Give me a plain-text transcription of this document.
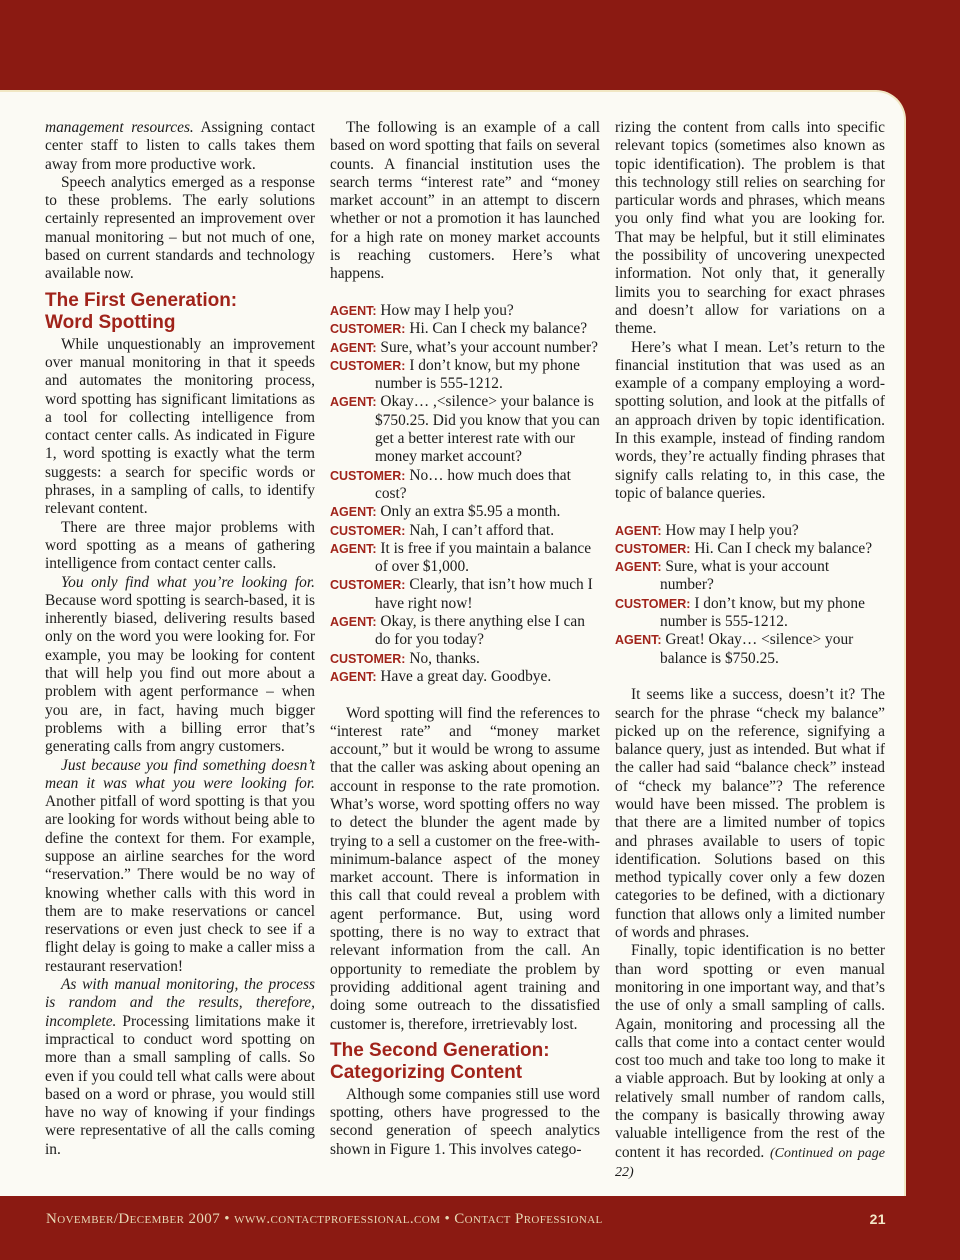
management resources. Assigning contact center staff to listen to calls takes them away from more productive work.

Speech analytics emerged as a response to these problems. The early solutions certainly represented an improvement over manual monitoring – but not much of one, based on current standards and technology available now.

The First Generation:
Word Spotting

While unquestionably an improvement over manual monitoring in that it speeds and automates the monitoring process, word spotting has significant limitations as a tool for collecting intelligence from contact center calls. As indicated in Figure 1, word spotting is exactly what the term suggests: a search for specific words or phrases, in a sampling of calls, to identify relevant content.

There are three major problems with word spotting as a means of gathering intelligence from contact center calls.

You only find what you’re looking for. Because word spotting is search-based, it is inherently biased, delivering results based only on the word you were looking for. For example, you may be looking for content that will help you find out more about a problem with agent performance – when you are, in fact, having much bigger problems with a billing error that’s generating calls from angry customers.

Just because you find something doesn’t mean it was what you were looking for. Another pitfall of word spotting is that you are looking for words without being able to define the context for them. For example, suppose an airline searches for the word “reservation.” There would be no way of knowing whether calls with this word in them are to make reservations or cancel reservations or even just check to see if a flight delay is going to make a caller miss a restaurant reservation!

As with manual monitoring, the process is random and the results, therefore, incomplete. Processing limitations make it impractical to conduct word spotting on more than a small sampling of calls. So even if you could tell what calls were about based on a word or phrase, you would still have no way of knowing if your findings were representative of all the calls coming in.

The following is an example of a call based on word spotting that fails on several counts. A financial institution uses the search terms “interest rate” and “money market account” in an attempt to discern whether or not a promotion it has launched for a high rate on money market accounts is reaching customers. Here’s what happens.

AGENT: How may I help you?
CUSTOMER: Hi. Can I check my balance?
AGENT: Sure, what’s your account number?
CUSTOMER: I don’t know, but my phone number is 555-1212.
AGENT: Okay… ,<silence> your balance is $750.25. Did you know that you can get a better interest rate with our money market account?
CUSTOMER: No… how much does that cost?
AGENT: Only an extra $5.95 a month.
CUSTOMER: Nah, I can’t afford that.
AGENT: It is free if you maintain a balance of over $1,000.
CUSTOMER: Clearly, that isn’t how much I have right now!
AGENT: Okay, is there anything else I can do for you today?
CUSTOMER: No, thanks.
AGENT: Have a great day. Goodbye.

Word spotting will find the references to “interest rate” and “money market account,” but it would be wrong to assume that the caller was asking about opening an account in response to the rate promotion. What’s worse, word spotting offers no way to detect the blunder the agent made by trying to a sell a customer on the free-with-minimum-balance aspect of the money market account. There is information in this call that could reveal a problem with agent performance. But, using word spotting, there is no way to extract that relevant information from the call. An opportunity to remediate the problem by providing additional agent training and doing some outreach to the dissatisfied customer is, therefore, irretrievably lost.

The Second Generation:
Categorizing Content

Although some companies still use word spotting, others have progressed to the second generation of speech analytics shown in Figure 1. This involves catego-

rizing the content from calls into specific relevant topics (sometimes also known as topic identification). The problem is that this technology still relies on searching for particular words and phrases, which means you only find what you are looking for. That may be helpful, but it still eliminates the possibility of uncovering unexpected information. Not only that, it generally limits you to searching for exact phrases and doesn’t allow for variations on a theme.

Here’s what I mean. Let’s return to the financial institution that was used as an example of a company employing a word-spotting solution, and look at the pitfalls of an approach driven by topic identification. In this example, instead of finding random words, they’re actually finding phrases that signify calls relating to, in this case, the topic of balance queries.

AGENT: How may I help you?
CUSTOMER: Hi. Can I check my balance?
AGENT: Sure, what is your account number?
CUSTOMER: I don’t know, but my phone number is 555-1212.
AGENT: Great! Okay… <silence> your balance is $750.25.

It seems like a success, doesn’t it? The search for the phrase “check my balance” picked up on the reference, signifying a balance query, just as intended. But what if the caller had said “balance check” instead of “check my balance”? The reference would have been missed. The problem is that there are a limited number of topics and phrases available to users of topic identification. Solutions based on this method typically cover only a few dozen categories to be defined, with a dictionary function that allows only a limited number of words and phrases.

Finally, topic identification is no better than word spotting or even manual monitoring in one important way, and that’s the use of only a small sampling of calls. Again, monitoring and processing all the calls that come into a contact center would cost too much and take too long to make it a viable approach. But by looking at only a relatively small number of random calls, the company is basically throwing away valuable intelligence from the rest of the content it has recorded. (Continued on page 22)

November/December 2007 • www.contactprofessional.com • Contact Professional	21
